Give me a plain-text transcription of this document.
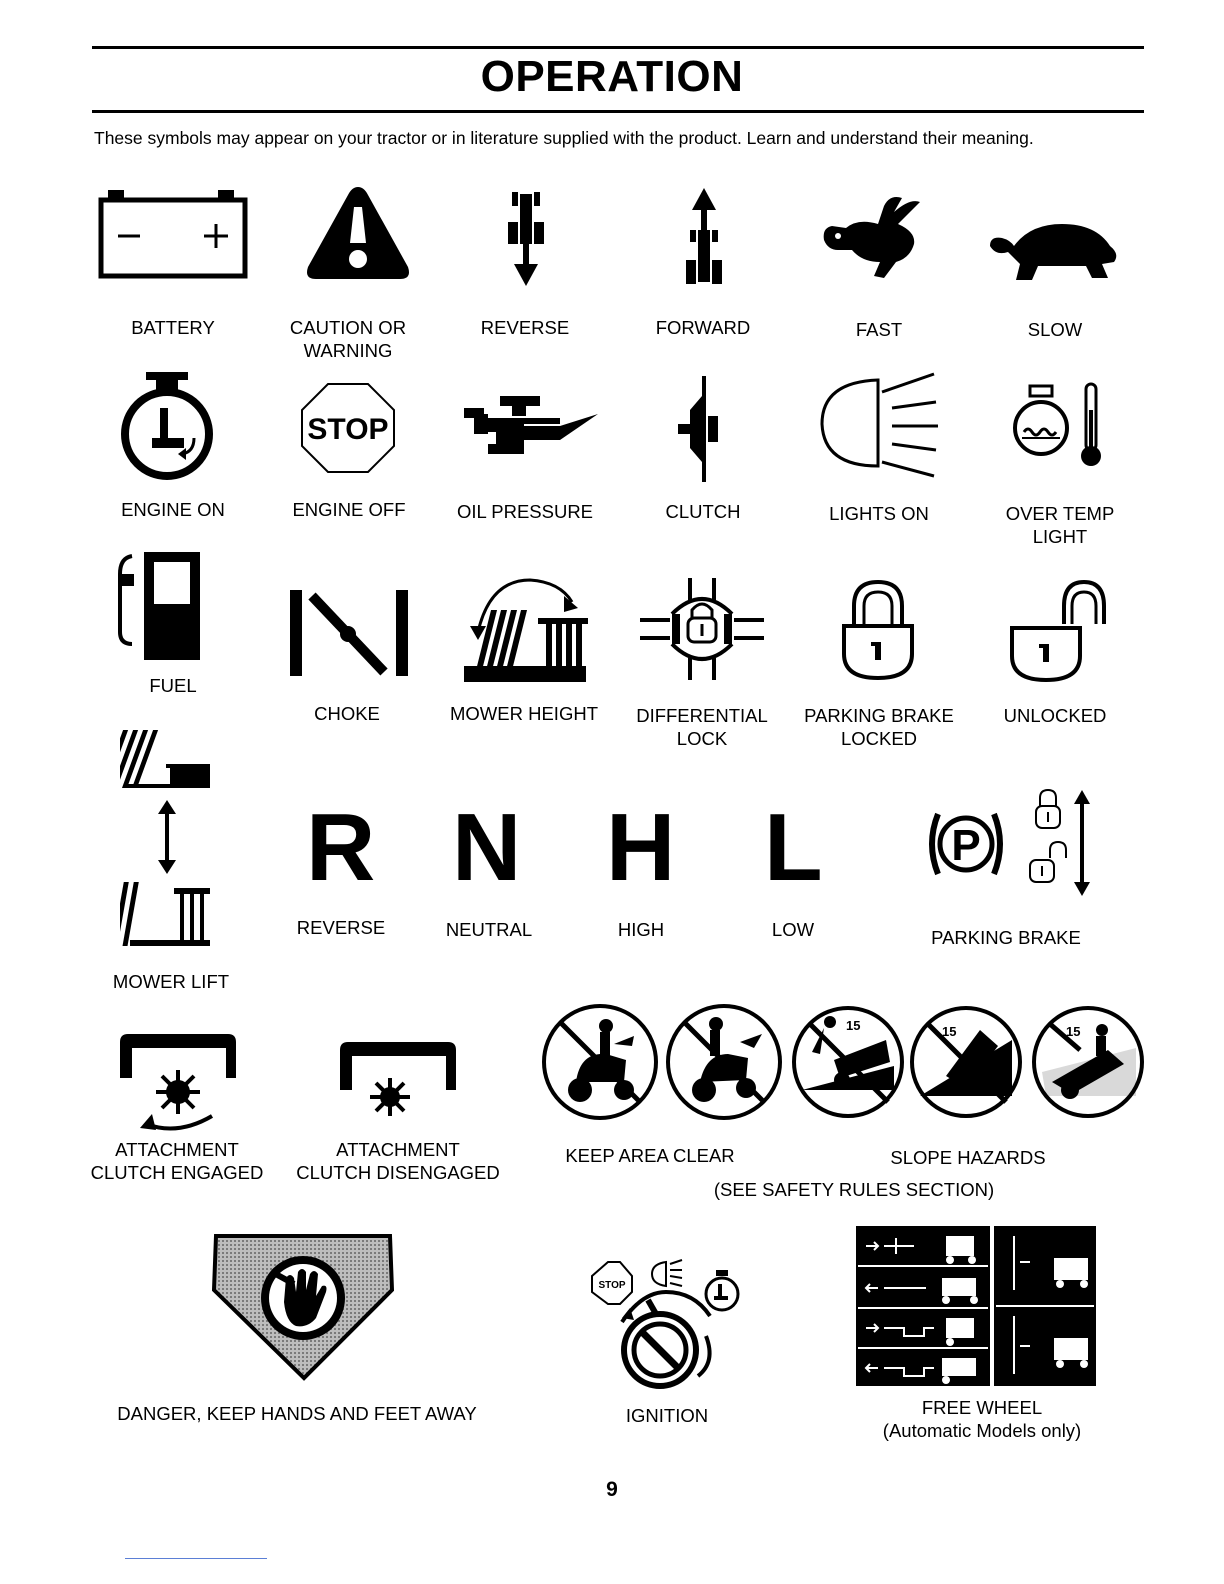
OPERATION
These symbols may appear on your tractor or in literature supplied with the product. Learn and understand their meaning.
BATTERY	CAUTION OR
WARNING
REVERSE	FORWARD	FAST	SLOW
ENGINE ON
STOP
ENGINE OFF	OIL PRESSURE	CLUTCH	LIGHTS ON	OVER TEMP
LIGHT
FUEL
CHOKE	MOWER HEIGHT	DIFFERENTIAL
LOCK
PARKING BRAKE
LOCKED
UNLOCKED
MOWER LIFT
R
REVERSE
N
NEUTRAL
H
HIGH
L
LOW
P
PARKING BRAKE
ATTACHMENT
CLUTCH ENGAGED
ATTACHMENT
CLUTCH DISENGAGED
15	15	15
KEEP AREA CLEAR	SLOPE HAZARDS
(SEE SAFETY RULES SECTION)
DANGER, KEEP HANDS AND FEET AWAY
STOP
IGNITION	FREE WHEEL
(Automatic Models only)
9
